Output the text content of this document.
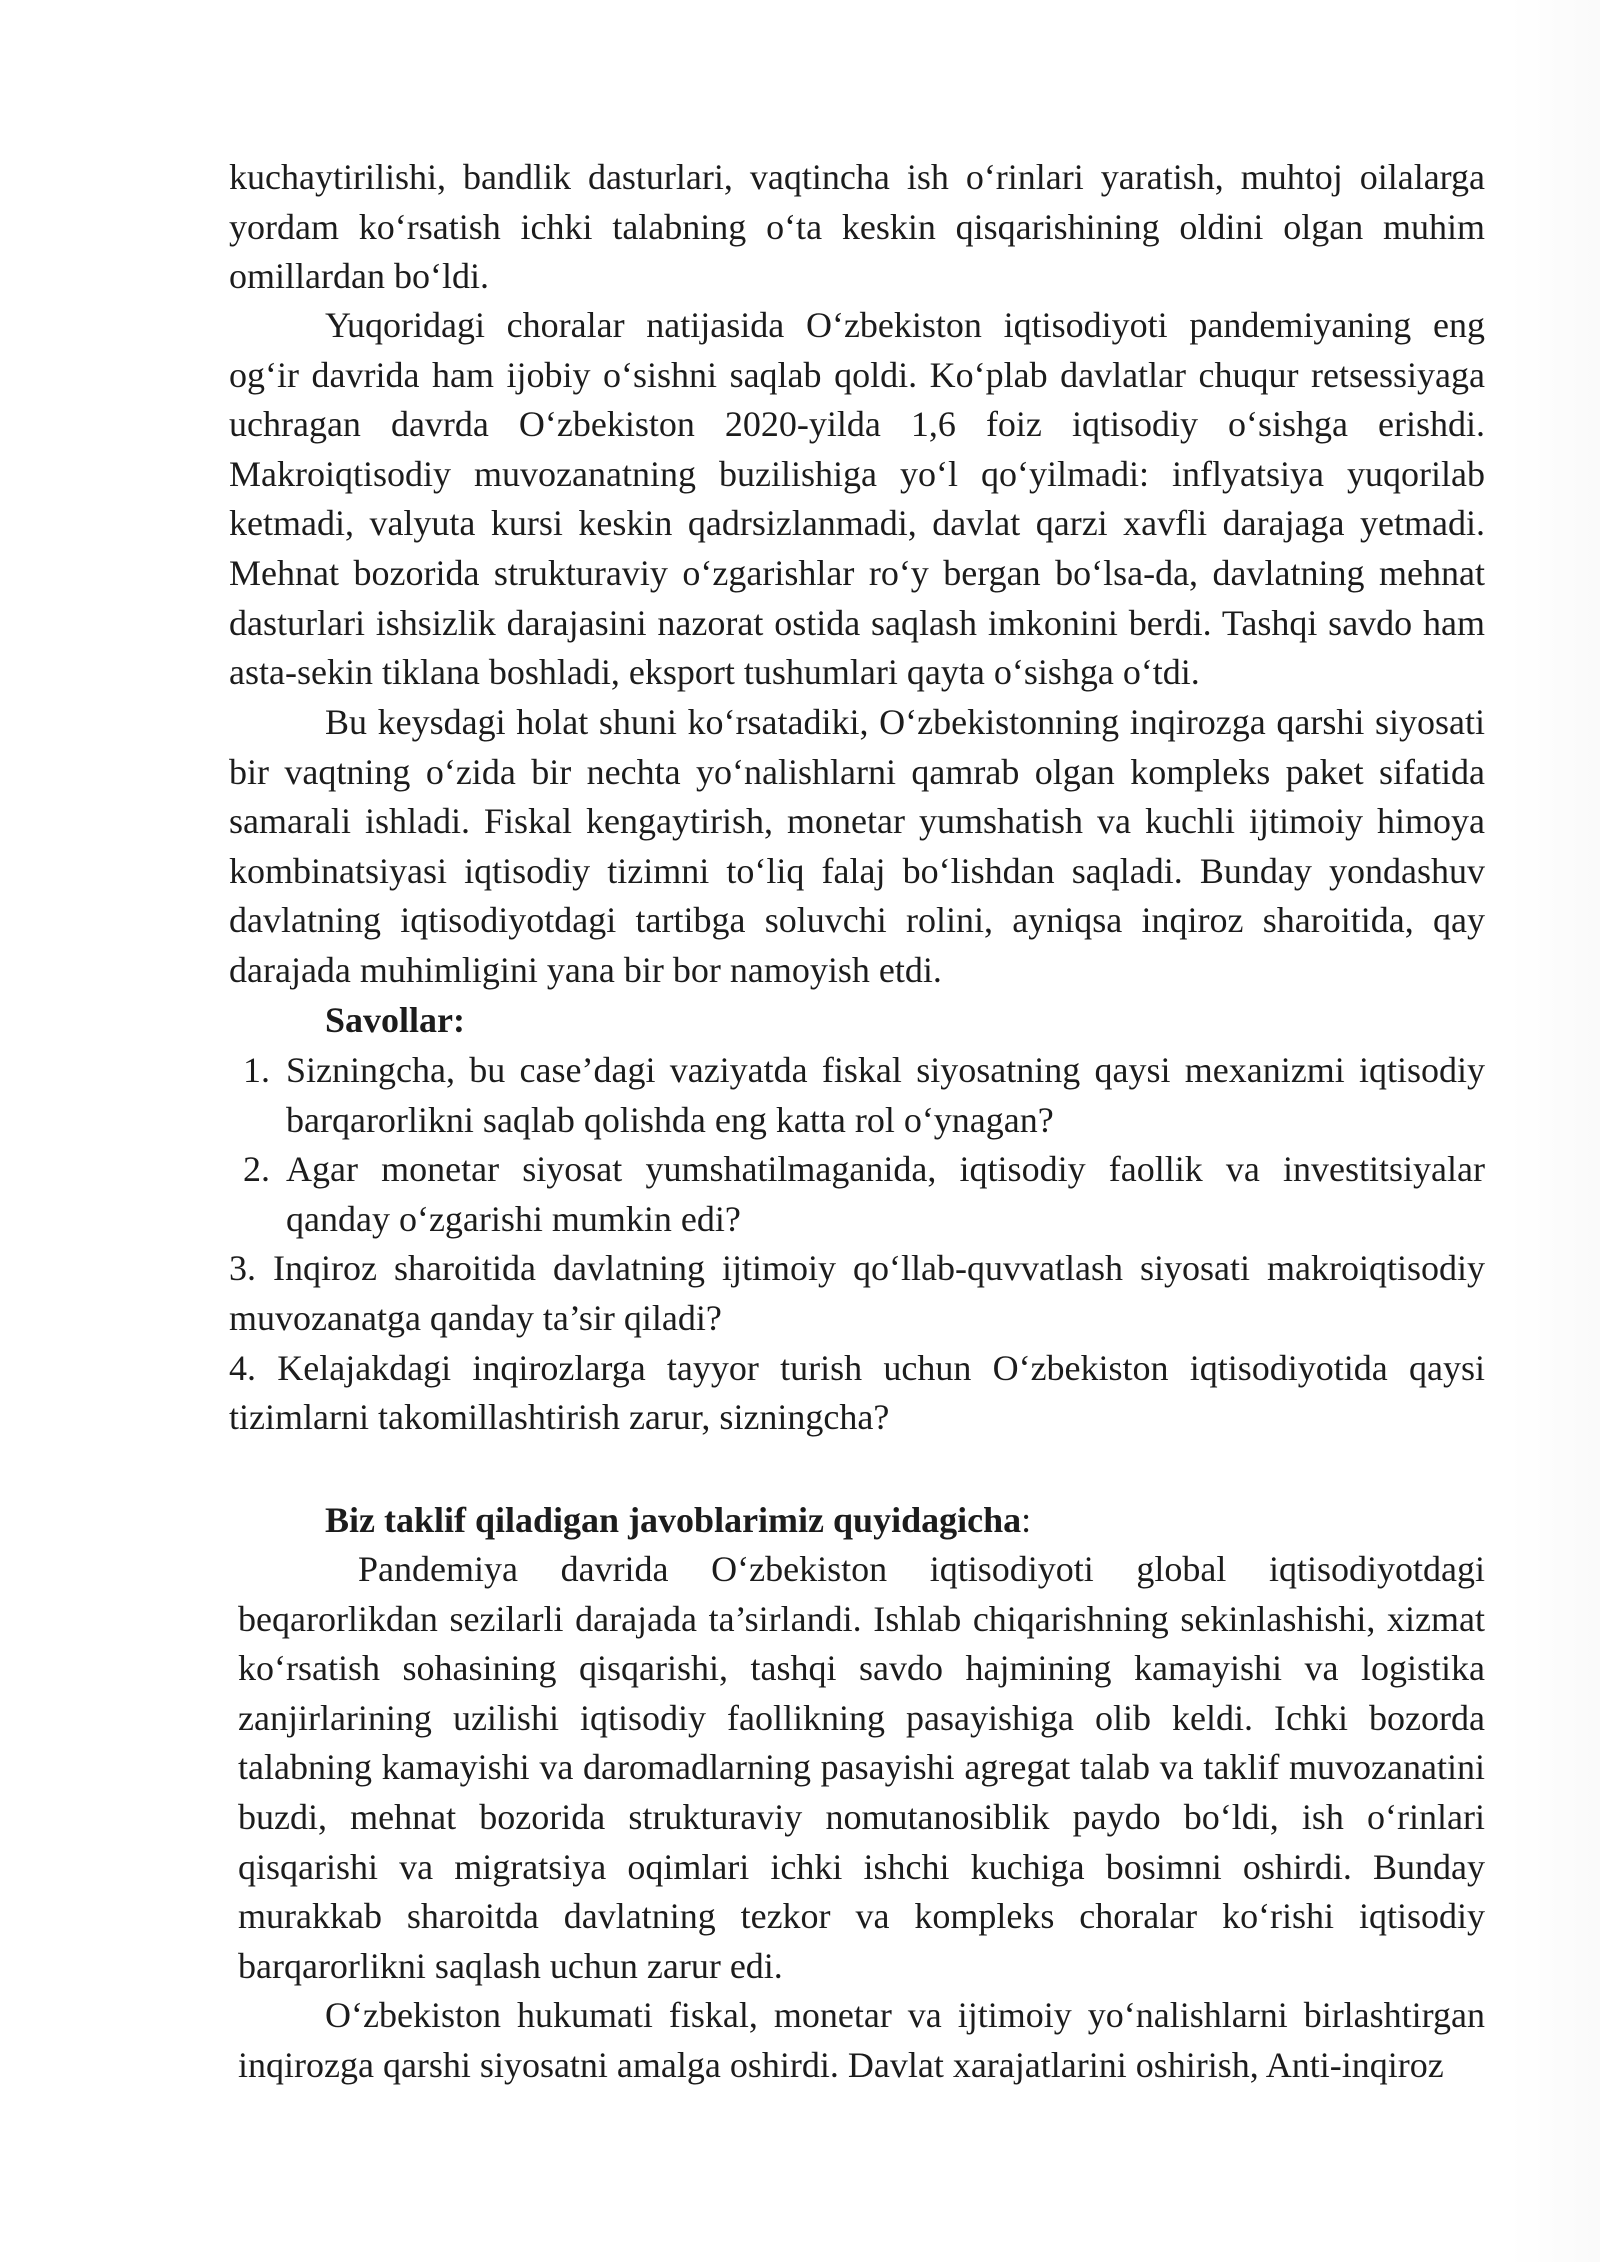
kuchaytirilishi, bandlik dasturlari, vaqtincha ish o‘rinlari yaratish, muhtoj oilalarga yordam ko‘rsatish ichki talabning o‘ta keskin qisqarishining oldini olgan muhim omillardan bo‘ldi.

Yuqoridagi choralar natijasida O‘zbekiston iqtisodiyoti pandemiyaning eng og‘ir davrida ham ijobiy o‘sishni saqlab qoldi. Ko‘plab davlatlar chuqur retsessiyaga uchragan davrda O‘zbekiston 2020-yilda 1,6 foiz iqtisodiy o‘sishga erishdi. Makroiqtisodiy muvozanatning buzilishiga yo‘l qo‘yilmadi: inflyatsiya yuqorilab ketmadi, valyuta kursi keskin qadrsizlanmadi, davlat qarzi xavfli darajaga yetmadi. Mehnat bozorida strukturaviy o‘zgarishlar ro‘y bergan bo‘lsa-da, davlatning mehnat dasturlari ishsizlik darajasini nazorat ostida saqlash imkonini berdi. Tashqi savdo ham asta-sekin tiklana boshladi, eksport tushumlari qayta o‘sishga o‘tdi.

Bu keysdagi holat shuni ko‘rsatadiki, O‘zbekistonning inqirozga qarshi siyosati bir vaqtning o‘zida bir nechta yo‘nalishlarni qamrab olgan kompleks paket sifatida samarali ishladi. Fiskal kengaytirish, monetar yumshatish va kuchli ijtimoiy himoya kombinatsiyasi iqtisodiy tizimni to‘liq falaj bo‘lishdan saqladi. Bunday yondashuv davlatning iqtisodiyotdagi tartibga soluvchi rolini, ayniqsa inqiroz sharoitida, qay darajada muhimligini yana bir bor namoyish etdi.

Savollar:
1. Sizningcha, bu case’dagi vaziyatda fiskal siyosatning qaysi mexanizmi iqtisodiy barqarorlikni saqlab qolishda eng katta rol o‘ynagan?
2. Agar monetar siyosat yumshatilmaganida, iqtisodiy faollik va investitsiyalar qanday o‘zgarishi mumkin edi?
3. Inqiroz sharoitida davlatning ijtimoiy qo‘llab-quvvatlash siyosati makroiqtisodiy muvozanatga qanday ta’sir qiladi?
4. Kelajakdagi inqirozlarga tayyor turish uchun O‘zbekiston iqtisodiyotida qaysi tizimlarni takomillashtirish zarur, sizningcha?
Biz taklif qiladigan javoblarimiz quyidagicha:

Pandemiya davrida O‘zbekiston iqtisodiyoti global iqtisodiyotdagi beqarorlikdan sezilarli darajada ta’sirlandi. Ishlab chiqarishning sekinlashishi, xizmat ko‘rsatish sohasining qisqarishi, tashqi savdo hajmining kamayishi va logistika zanjirlarining uzilishi iqtisodiy faollikning pasayishiga olib keldi. Ichki bozorda talabning kamayishi va daromadlarning pasayishi agregat talab va taklif muvozanatini buzdi, mehnat bozorida strukturaviy nomutanosiblik paydo bo‘ldi, ish o‘rinlari qisqarishi va migratsiya oqimlari ichki ishchi kuchiga bosimni oshirdi. Bunday murakkab sharoitda davlatning tezkor va kompleks choralar ko‘rishi iqtisodiy barqarorlikni saqlash uchun zarur edi.

O‘zbekiston hukumati fiskal, monetar va ijtimoiy yo‘nalishlarni birlashtirgan inqirozga qarshi siyosatni amalga oshirdi. Davlat xarajatlarini oshirish, Anti-inqiroz
